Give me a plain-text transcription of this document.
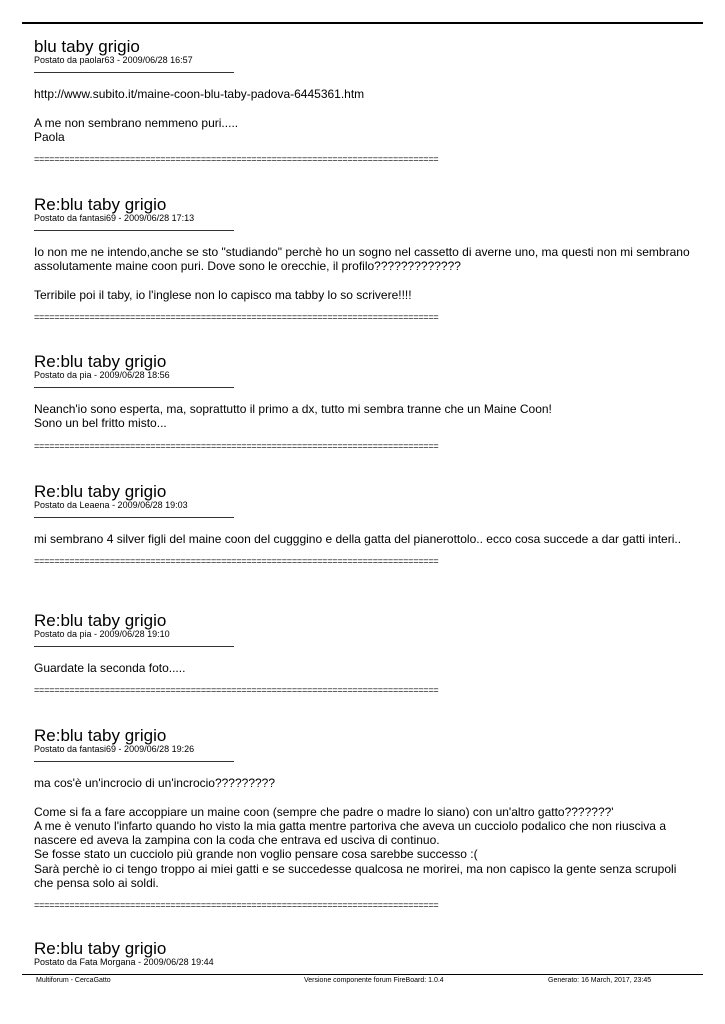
blu taby grigio
Postato da paolar63 - 2009/06/28 16:57

http://www.subito.it/maine-coon-blu-taby-padova-6445361.htm

A me non sembrano nemmeno puri.....
Paola

================================================================================
Re:blu taby grigio
Postato da fantasi69 - 2009/06/28 17:13

Io non me ne intendo,anche se sto "studiando" perchè ho un sogno nel cassetto di averne uno, ma questi non mi sembrano assolutamente maine coon puri. Dove sono le orecchie, il profilo?????????????

Terribile poi il taby, io l'inglese non lo capisco ma tabby lo so scrivere!!!!

================================================================================
Re:blu taby grigio
Postato da pia - 2009/06/28 18:56

Neanch'io sono esperta, ma, soprattutto il primo a dx, tutto mi sembra tranne che un Maine Coon!
Sono un bel fritto misto...

================================================================================
Re:blu taby grigio
Postato da Leaena - 2009/06/28 19:03

mi sembrano 4 silver figli del maine coon del cugggino e della gatta del pianerottolo.. ecco cosa succede a dar gatti interi..

================================================================================
Re:blu taby grigio
Postato da pia - 2009/06/28 19:10

Guardate la seconda foto.....

================================================================================
Re:blu taby grigio
Postato da fantasi69 - 2009/06/28 19:26

ma cos'è un'incrocio di un'incrocio?????????

Come si fa a fare accoppiare un maine coon (sempre che padre o madre lo siano) con un'altro gatto???????'
A me è venuto l'infarto quando ho visto la mia gatta mentre partoriva che aveva un cucciolo podalico che non riusciva a nascere ed aveva la zampina con la coda che entrava ed usciva di continuo.
Se fosse stato un cucciolo più grande non voglio pensare cosa sarebbe successo :(
Sarà perchè io ci tengo troppo ai miei gatti e se succedesse qualcosa ne morirei, ma non capisco la gente senza scrupoli che pensa solo ai soldi.

================================================================================
Re:blu taby grigio
Postato da Fata Morgana - 2009/06/28 19:44
Multiforum - CercaGatto	Versione componente forum FireBoard: 1.0.4	Generato: 16 March, 2017, 23:45
